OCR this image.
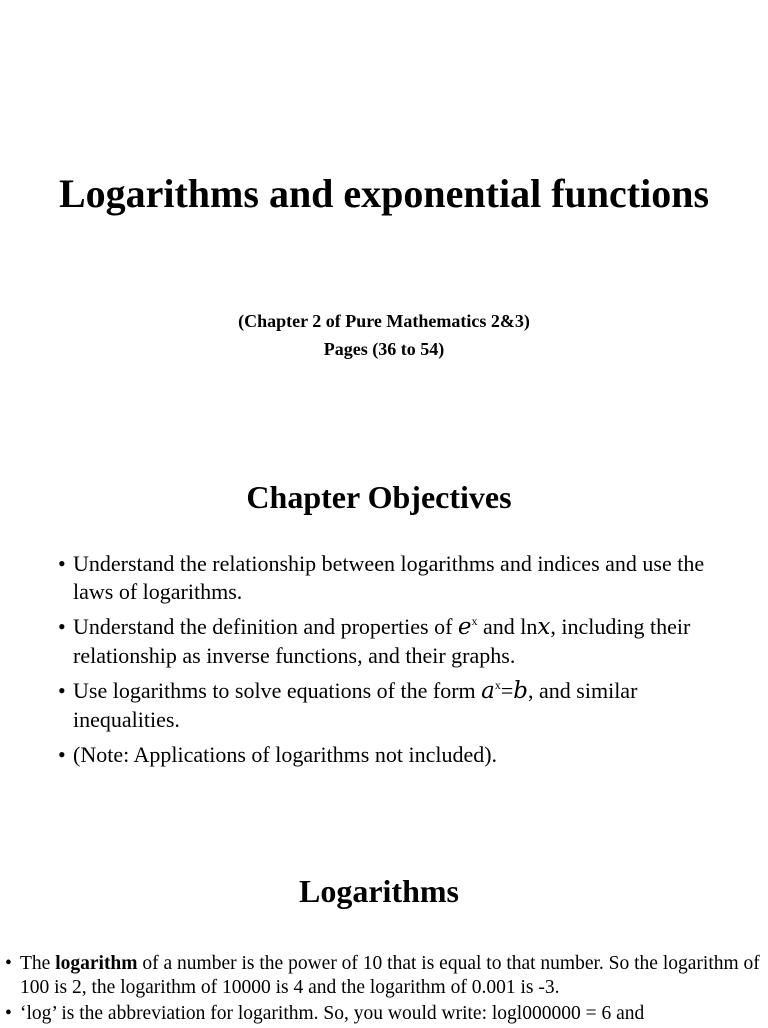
Logarithms and exponential functions
(Chapter 2 of Pure Mathematics 2&3)
Pages (36 to 54)
Chapter Objectives
• Understand the relationship between logarithms and indices and use the laws of logarithms.
• Understand the definition and properties of $e^x$ and lnx, including their relationship as inverse functions, and their graphs.
• Use logarithms to solve equations of the form $a^x=b$, and similar inequalities.
• (Note: Applications of logarithms not included).
Logarithms
• The logarithm of a number is the power of 10 that is equal to that number. So the logarithm of 100 is 2, the logarithm of 10000 is 4 and the logarithm of 0.001 is -3.
• ‘log’ is the abbreviation for logarithm. So, you would write: logl000000 = 6 and
